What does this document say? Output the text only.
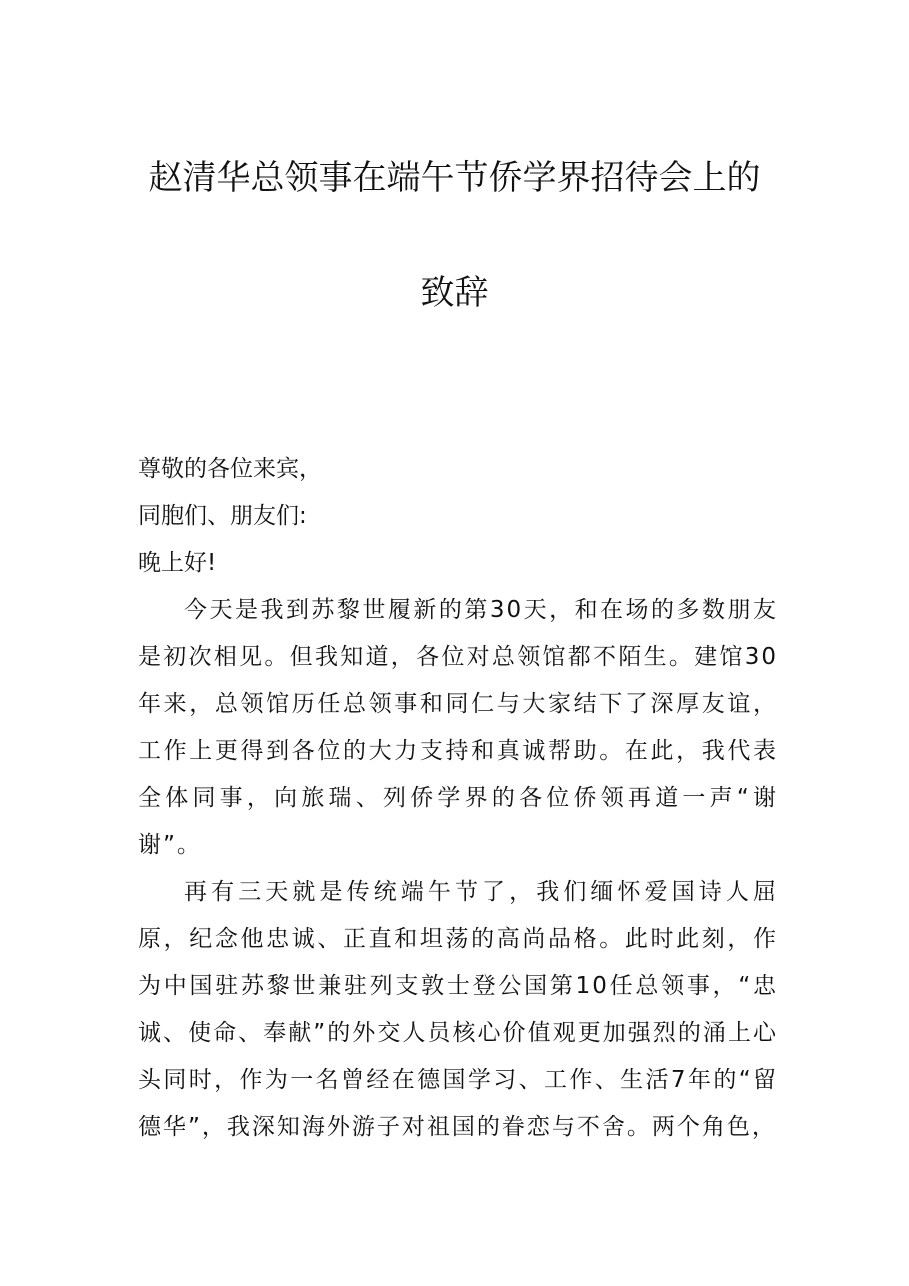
赵清华总领事在端午节侨学界招待会上的
致辞

尊敬的各位来宾，

同胞们、朋友们:

晚上好!

今天是我到苏黎世履新的第30天，和在场的多数朋友是初次相见。但我知道，各位对总领馆都不陌生。建馆30年来，总领馆历任总领事和同仁与大家结下了深厚友谊，工作上更得到各位的大力支持和真诚帮助。在此，我代表全体同事，向旅瑞、列侨学界的各位侨领再道一声“谢谢”。

再有三天就是传统端午节了，我们缅怀爱国诗人屈原，纪念他忠诚、正直和坦荡的高尚品格。此时此刻，作为中国驻苏黎世兼驻列支敦士登公国第10任总领事，“忠诚、使命、奉献”的外交人员核心价值观更加强烈的涌上心头同时，作为一名曾经在德国学习、工作、生活7年的“留德华”，我深知海外游子对祖国的眷恋与不舍。两个角色，
